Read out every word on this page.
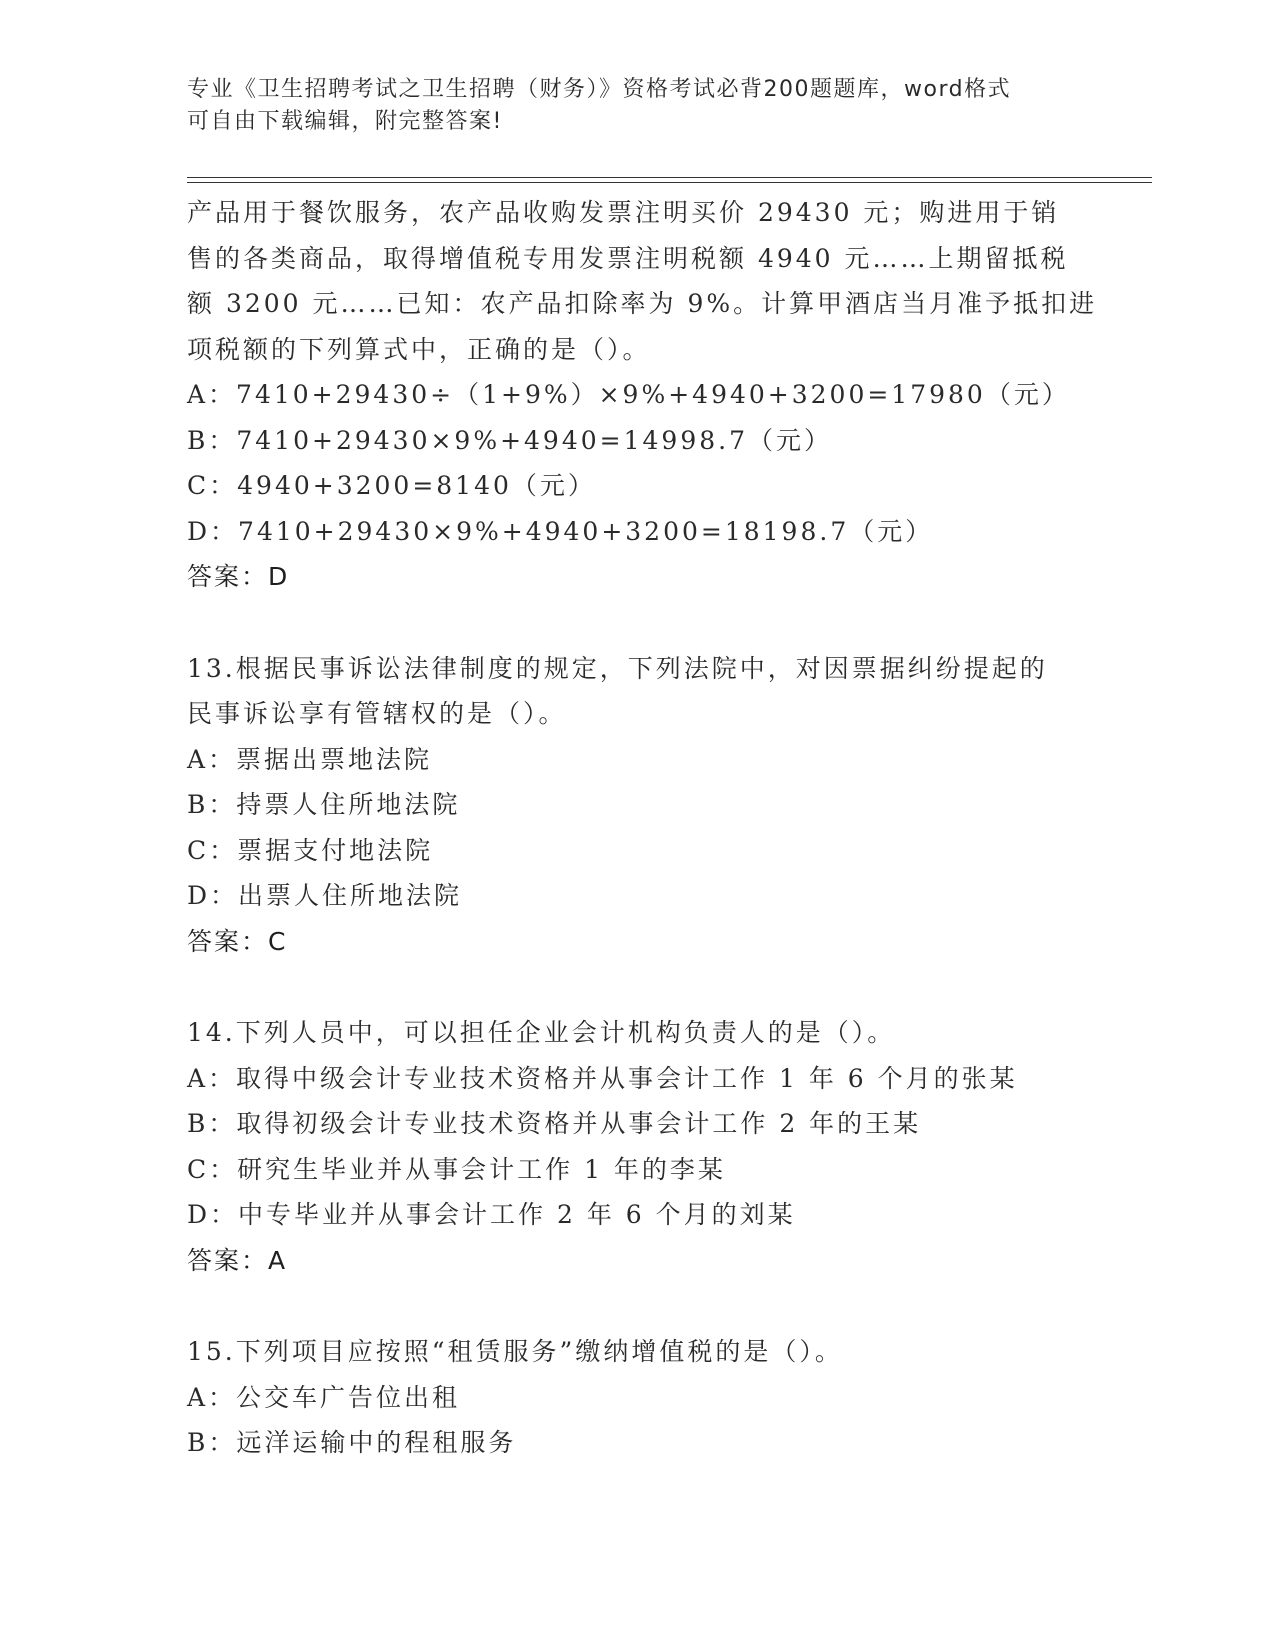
专业《卫生招聘考试之卫生招聘（财务）》资格考试必背200题题库，word格式
可自由下载编辑，附完整答案!
产品用于餐饮服务，农产品收购发票注明买价 29430 元；购进用于销
售的各类商品，取得增值税专用发票注明税额 4940 元……上期留抵税
额 3200 元……已知：农产品扣除率为 9%。计算甲酒店当月准予抵扣进
项税额的下列算式中，正确的是（）。
A：7410+29430÷（1+9%）×9%+4940+3200=17980（元）
B：7410+29430×9%+4940=14998.7（元）
C：4940+3200=8140（元）
D：7410+29430×9%+4940+3200=18198.7（元）
答案：D
13.根据民事诉讼法律制度的规定，下列法院中，对因票据纠纷提起的
民事诉讼享有管辖权的是（）。
A：票据出票地法院
B：持票人住所地法院
C：票据支付地法院
D：出票人住所地法院
答案：C
14.下列人员中，可以担任企业会计机构负责人的是（）。
A：取得中级会计专业技术资格并从事会计工作 1 年 6 个月的张某
B：取得初级会计专业技术资格并从事会计工作 2 年的王某
C：研究生毕业并从事会计工作 1 年的李某
D：中专毕业并从事会计工作 2 年 6 个月的刘某
答案：A
15.下列项目应按照“租赁服务”缴纳增值税的是（）。
A：公交车广告位出租
B：远洋运输中的程租服务
